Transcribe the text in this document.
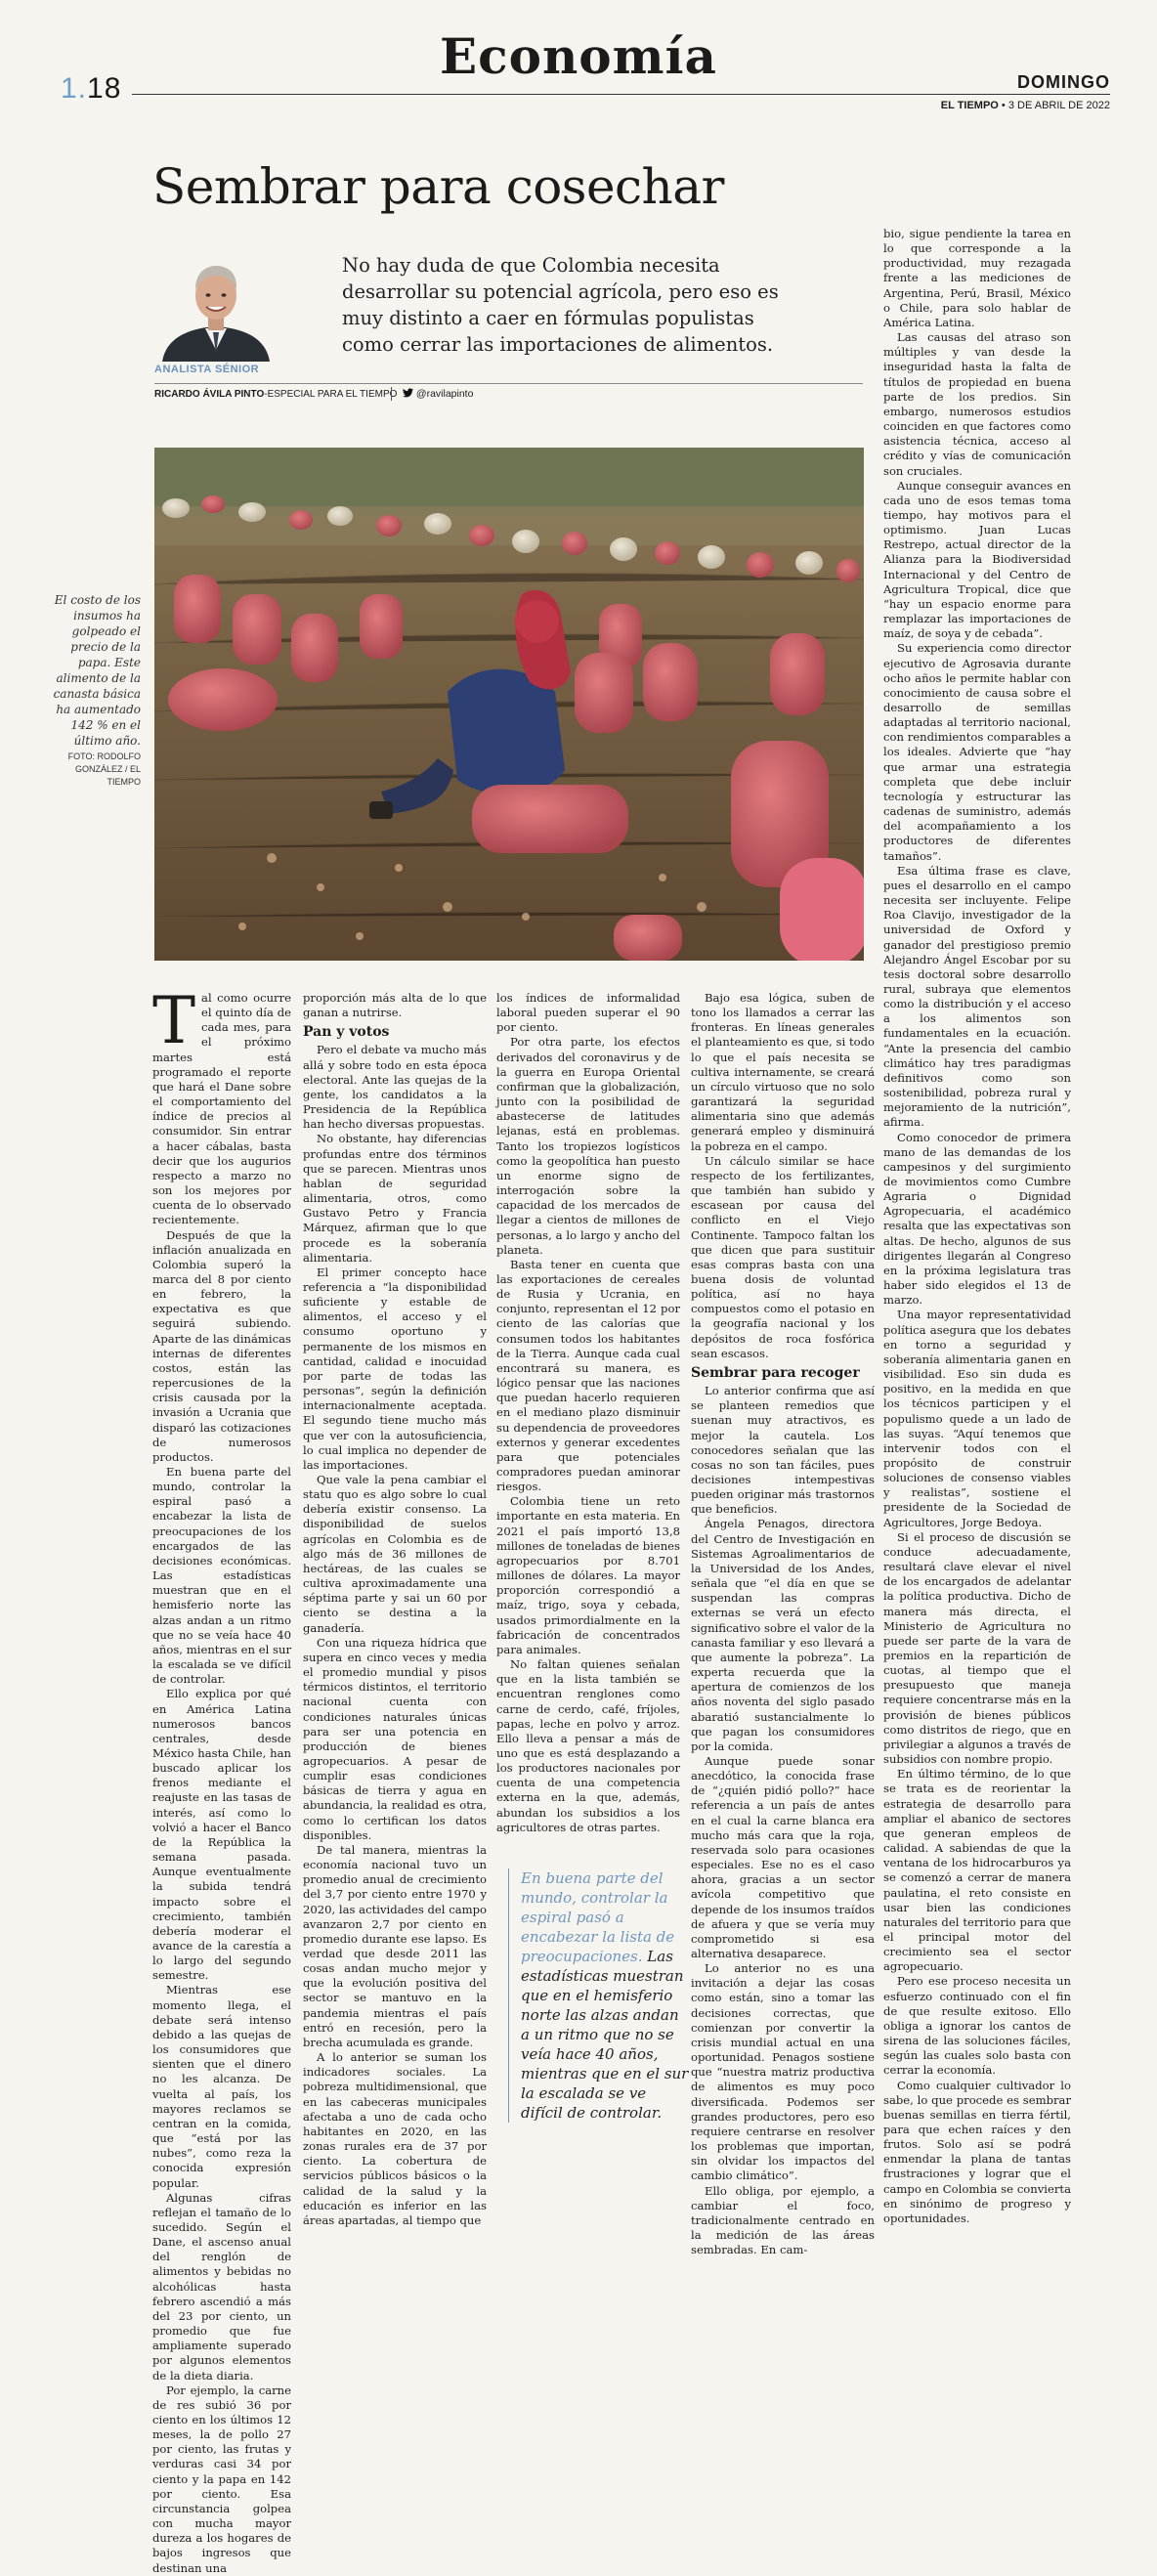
1.18
Economía	DOMINGO
EL TIEMPO • 3 DE ABRIL DE 2022
Sembrar para cosechar
ANALISTA SÉNIOR
No hay duda de que Colombia necesita desarrollar su potencial agrícola, pero eso es muy distinto a caer en fórmulas populistas como cerrar las importaciones de alimentos.
RICARDO ÁVILA PINTO-ESPECIAL PARA EL TIEMPO	@ravilapinto
El costo de los insumos ha golpeado el precio de la papa. Este alimento de la canasta básica ha aumentado 142 % en el último año.
FOTO: RODOLFO GONZÁLEZ / EL TIEMPO
T al como ocurre el quinto día de cada mes, para el próximo martes está programado el reporte que hará el Dane sobre el comportamiento del índice de precios al consumidor. Sin entrar a hacer cábalas, basta decir que los augurios respecto a marzo no son los mejores por cuenta de lo observado recientemente.

Después de que la inflación anualizada en Colombia superó la marca del 8 por ciento en febrero, la expectativa es que seguirá subiendo. Aparte de las dinámicas internas de diferentes costos, están las repercusiones de la crisis causada por la invasión a Ucrania que disparó las cotizaciones de numerosos productos.

En buena parte del mundo, controlar la espiral pasó a encabezar la lista de preocupaciones de los encargados de las decisiones económicas. Las estadísticas muestran que en el hemisferio norte las alzas andan a un ritmo que no se veía hace 40 años, mientras en el sur la escalada se ve difícil de controlar.

Ello explica por qué en América Latina numerosos bancos centrales, desde México hasta Chile, han buscado aplicar los frenos mediante el reajuste en las tasas de interés, así como lo volvió a hacer el Banco de la República la semana pasada. Aunque eventualmente la subida tendrá impacto sobre el crecimiento, también debería moderar el avance de la carestía a lo largo del segundo semestre.

Mientras ese momento llega, el debate será intenso debido a las quejas de los consumidores que sienten que el dinero no les alcanza. De vuelta al país, los mayores reclamos se centran en la comida, que “está por las nubes”, como reza la conocida expresión popular.

Algunas cifras reflejan el tamaño de lo sucedido. Según el Dane, el ascenso anual del renglón de alimentos y bebidas no alcohólicas hasta febrero ascendió a más del 23 por ciento, un promedio que fue ampliamente superado por algunos elementos de la dieta diaria.

Por ejemplo, la carne de res subió 36 por ciento en los últimos 12 meses, la de pollo 27 por ciento, las frutas y verduras casi 34 por ciento y la papa en 142 por ciento. Esa circunstancia golpea con mucha mayor dureza a los hogares de bajos ingresos que destinan una

proporción más alta de lo que ganan a nutrirse.

Pan y votos

Pero el debate va mucho más allá y sobre todo en esta época electoral. Ante las quejas de la gente, los candidatos a la Presidencia de la República han hecho diversas propuestas.

No obstante, hay diferencias profundas entre dos términos que se parecen. Mientras unos hablan de seguridad alimentaria, otros, como Gustavo Petro y Francia Márquez, afirman que lo que procede es la soberanía alimentaria.

El primer concepto hace referencia a “la disponibilidad suficiente y estable de alimentos, el acceso y el consumo oportuno y permanente de los mismos en cantidad, calidad e inocuidad por parte de todas las personas”, según la definición internacionalmente aceptada. El segundo tiene mucho más que ver con la autosuficiencia, lo cual implica no depender de las importaciones.

Que vale la pena cambiar el statu quo es algo sobre lo cual debería existir consenso. La disponibilidad de suelos agrícolas en Colombia es de algo más de 36 millones de hectáreas, de las cuales se cultiva aproximadamente una séptima parte y sai un 60 por ciento se destina a la ganadería.

Con una riqueza hídrica que supera en cinco veces y media el promedio mundial y pisos térmicos distintos, el territorio nacional cuenta con condiciones naturales únicas para ser una potencia en producción de bienes agropecuarios. A pesar de cumplir esas condiciones básicas de tierra y agua en abundancia, la realidad es otra, como lo certifican los datos disponibles.

De tal manera, mientras la economía nacional tuvo un promedio anual de crecimiento del 3,7 por ciento entre 1970 y 2020, las actividades del campo avanzaron 2,7 por ciento en promedio durante ese lapso. Es verdad que desde 2011 las cosas andan mucho mejor y que la evolución positiva del sector se mantuvo en la pandemia mientras el país entró en recesión, pero la brecha acumulada es grande.

A lo anterior se suman los indicadores sociales. La pobreza multidimensional, que en las cabeceras municipales afectaba a uno de cada ocho habitantes en 2020, en las zonas rurales era de 37 por ciento. La cobertura de servicios públicos básicos o la calidad de la salud y la educación es inferior en las áreas apartadas, al tiempo que

los índices de informalidad laboral pueden superar el 90 por ciento.

Por otra parte, los efectos derivados del coronavirus y de la guerra en Europa Oriental confirman que la globalización, junto con la posibilidad de abastecerse de latitudes lejanas, está en problemas. Tanto los tropiezos logísticos como la geopolítica han puesto un enorme signo de interrogación sobre la capacidad de los mercados de llegar a cientos de millones de personas, a lo largo y ancho del planeta.

Basta tener en cuenta que las exportaciones de cereales de Rusia y Ucrania, en conjunto, representan el 12 por ciento de las calorías que consumen todos los habitantes de la Tierra. Aunque cada cual encontrará su manera, es lógico pensar que las naciones que puedan hacerlo requieren en el mediano plazo disminuir su dependencia de proveedores externos y generar excedentes para que potenciales compradores puedan aminorar riesgos.

Colombia tiene un reto importante en esta materia. En 2021 el país importó 13,8 millones de toneladas de bienes agropecuarios por 8.701 millones de dólares. La mayor proporción correspondió a maíz, trigo, soya y cebada, usados primordialmente en la fabricación de concentrados para animales.

No faltan quienes señalan que en la lista también se encuentran renglones como carne de cerdo, café, fríjoles, papas, leche en polvo y arroz. Ello lleva a pensar a más de uno que es está desplazando a los productores nacionales por cuenta de una competencia externa en la que, además, abundan los subsidios a los agricultores de otras partes.

En buena parte del mundo, controlar la espiral pasó a encabezar la lista de preocupaciones. Las estadísticas muestran que en el hemisferio norte las alzas andan a un ritmo que no se veía hace 40 años, mientras que en el sur la escalada se ve difícil de controlar.

Bajo esa lógica, suben de tono los llamados a cerrar las fronteras. En líneas generales el planteamiento es que, si todo lo que el país necesita se cultiva internamente, se creará un círculo virtuoso que no solo garantizará la seguridad alimentaria sino que además generará empleo y disminuirá la pobreza en el campo.

Un cálculo similar se hace respecto de los fertilizantes, que también han subido y escasean por causa del conflicto en el Viejo Continente. Tampoco faltan los que dicen que para sustituir esas compras basta con una buena dosis de voluntad política, así no haya compuestos como el potasio en la geografía nacional y los depósitos de roca fosfórica sean escasos.

Sembrar para recoger

Lo anterior confirma que así se planteen remedios que suenan muy atractivos, es mejor la cautela. Los conocedores señalan que las cosas no son tan fáciles, pues decisiones intempestivas pueden originar más trastornos que beneficios.

Ángela Penagos, directora del Centro de Investigación en Sistemas Agroalimentarios de la Universidad de los Andes, señala que “el día en que se suspendan las compras externas se verá un efecto significativo sobre el valor de la canasta familiar y eso llevará a que aumente la pobreza”. La experta recuerda que la apertura de comienzos de los años noventa del siglo pasado abaratió sustancialmente lo que pagan los consumidores por la comida.

Aunque puede sonar anecdótico, la conocida frase de “¿quién pidió pollo?” hace referencia a un país de antes en el cual la carne blanca era mucho más cara que la roja, reservada solo para ocasiones especiales. Ese no es el caso ahora, gracias a un sector avícola competitivo que depende de los insumos traídos de afuera y que se vería muy comprometido si esa alternativa desaparece.

Lo anterior no es una invitación a dejar las cosas como están, sino a tomar las decisiones correctas, que comienzan por convertir la crisis mundial actual en una oportunidad. Penagos sostiene que “nuestra matriz productiva de alimentos es muy poco diversificada. Podemos ser grandes productores, pero eso requiere centrarse en resolver los problemas que importan, sin olvidar los impactos del cambio climático”.

Ello obliga, por ejemplo, a cambiar el foco, tradicionalmente centrado en la medición de las áreas sembradas. En cam-

bio, sigue pendiente la tarea en lo que corresponde a la productividad, muy rezagada frente a las mediciones de Argentina, Perú, Brasil, México o Chile, para solo hablar de América Latina.

Las causas del atraso son múltiples y van desde la inseguridad hasta la falta de títulos de propiedad en buena parte de los predios. Sin embargo, numerosos estudios coinciden en que factores como asistencia técnica, acceso al crédito y vías de comunicación son cruciales.

Aunque conseguir avances en cada uno de esos temas toma tiempo, hay motivos para el optimismo. Juan Lucas Restrepo, actual director de la Alianza para la Biodiversidad Internacional y del Centro de Agricultura Tropical, dice que “hay un espacio enorme para remplazar las importaciones de maíz, de soya y de cebada”.

Su experiencia como director ejecutivo de Agrosavia durante ocho años le permite hablar con conocimiento de causa sobre el desarrollo de semillas adaptadas al territorio nacional, con rendimientos comparables a los ideales. Advierte que “hay que armar una estrategia completa que debe incluir tecnología y estructurar las cadenas de suministro, además del acompañamiento a los productores de diferentes tamaños”.

Esa última frase es clave, pues el desarrollo en el campo necesita ser incluyente. Felipe Roa Clavijo, investigador de la universidad de Oxford y ganador del prestigioso premio Alejandro Ángel Escobar por su tesis doctoral sobre desarrollo rural, subraya que elementos como la distribución y el acceso a los alimentos son fundamentales en la ecuación. “Ante la presencia del cambio climático hay tres paradigmas definitivos como son sostenibilidad, pobreza rural y mejoramiento de la nutrición”, afirma.

Como conocedor de primera mano de las demandas de los campesinos y del surgimiento de movimientos como Cumbre Agraria o Dignidad Agropecuaria, el académico resalta que las expectativas son altas. De hecho, algunos de sus dirigentes llegarán al Congreso en la próxima legislatura tras haber sido elegidos el 13 de marzo.

Una mayor representatividad política asegura que los debates en torno a seguridad y soberanía alimentaria ganen en visibilidad. Eso sin duda es positivo, en la medida en que los técnicos participen y el populismo quede a un lado de las suyas. “Aquí tenemos que intervenir todos con el propósito de construir soluciones de consenso viables y realistas”, sostiene el presidente de la Sociedad de Agricultores, Jorge Bedoya.

Si el proceso de discusión se conduce adecuadamente, resultará clave elevar el nivel de los encargados de adelantar la política productiva. Dicho de manera más directa, el Ministerio de Agricultura no puede ser parte de la vara de premios en la repartición de cuotas, al tiempo que el presupuesto que maneja requiere concentrarse más en la provisión de bienes públicos como distritos de riego, que en privilegiar a algunos a través de subsidios con nombre propio.

En último término, de lo que se trata es de reorientar la estrategia de desarrollo para ampliar el abanico de sectores que generan empleos de calidad. A sabiendas de que la ventana de los hidrocarburos ya se comenzó a cerrar de manera paulatina, el reto consiste en usar bien las condiciones naturales del territorio para que el principal motor del crecimiento sea el sector agropecuario.

Pero ese proceso necesita un esfuerzo continuado con el fin de que resulte exitoso. Ello obliga a ignorar los cantos de sirena de las soluciones fáciles, según las cuales solo basta con cerrar la economía.

Como cualquier cultivador lo sabe, lo que procede es sembrar buenas semillas en tierra fértil, para que echen raíces y den frutos. Solo así se podrá enmendar la plana de tantas frustraciones y lograr que el campo en Colombia se convierta en sinónimo de progreso y oportunidades.
